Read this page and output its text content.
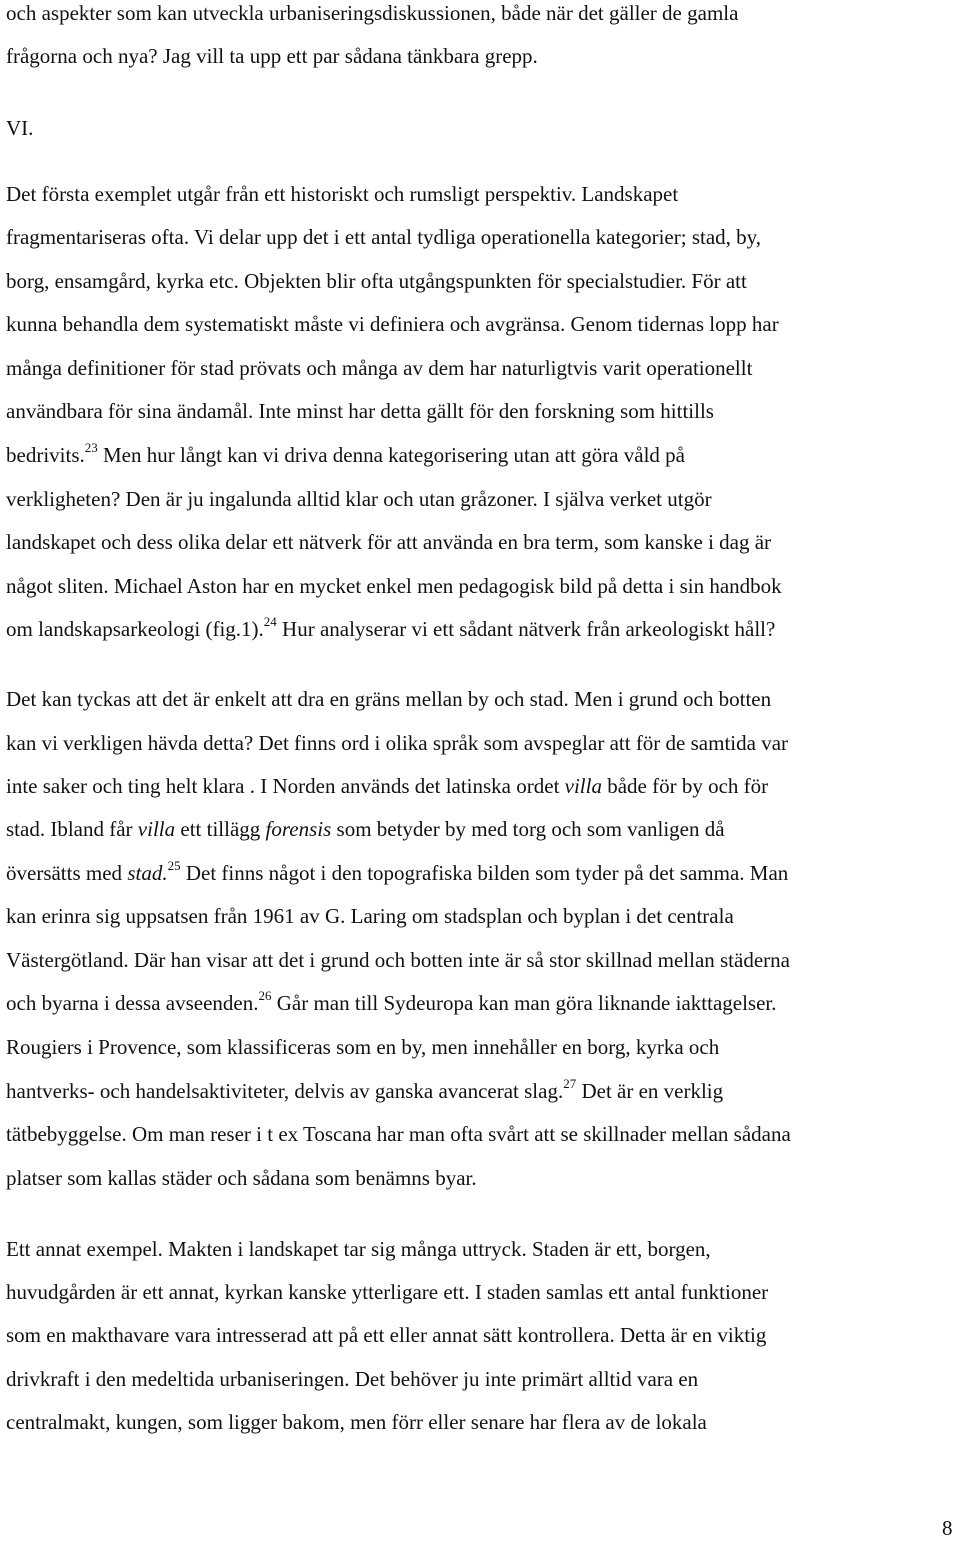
och aspekter som kan utveckla urbaniseringsdiskussionen, både när det gäller de gamla
frågorna och nya? Jag vill ta upp ett par sådana tänkbara grepp.
VI.
Det första exemplet utgår från ett historiskt och rumsligt perspektiv. Landskapet
fragmentariseras ofta. Vi delar upp det i ett antal tydliga operationella kategorier; stad, by,
borg, ensamgård, kyrka etc. Objekten blir ofta utgångspunkten för specialstudier. För att
kunna behandla dem systematiskt måste vi definiera och avgränsa. Genom tidernas lopp har
många definitioner för stad prövats och många av dem har naturligtvis varit operationellt
användbara för sina ändamål. Inte minst har detta gällt för den forskning som hittills
bedrivits.$^{23}$ Men hur långt kan vi driva denna kategorisering utan att göra våld på
verkligheten? Den är ju ingalunda alltid klar och utan gråzoner. I själva verket utgör
landskapet och dess olika delar ett nätverk för att använda en bra term, som kanske i dag är
något sliten. Michael Aston har en mycket enkel men pedagogisk bild på detta i sin handbok
om landskapsarkeologi (fig.1).$^{24}$ Hur analyserar vi ett sådant nätverk från arkeologiskt håll?
Det kan tyckas att det är enkelt att dra en gräns mellan by och stad. Men i grund och botten
kan vi verkligen hävda detta? Det finns ord i olika språk som avspeglar att för de samtida var
inte saker och ting helt klara . I Norden används det latinska ordet villa både för by och för
stad. Ibland får villa ett tillägg forensis som betyder by med torg och som vanligen då
översätts med stad.$^{25}$ Det finns något i den topografiska bilden som tyder på det samma. Man
kan erinra sig uppsatsen från 1961 av G. Laring om stadsplan och byplan i det centrala
Västergötland. Där han visar att det i grund och botten inte är så stor skillnad mellan städerna
och byarna i dessa avseenden.$^{26}$ Går man till Sydeuropa kan man göra liknande iakttagelser.
Rougiers i Provence, som klassificeras som en by, men innehåller en borg, kyrka och
hantverks- och handelsaktiviteter, delvis av ganska avancerat slag.$^{27}$ Det är en verklig
tätbebyggelse. Om man reser i t ex Toscana har man ofta svårt att se skillnader mellan sådana
platser som kallas städer och sådana som benämns byar.
Ett annat exempel. Makten i landskapet tar sig många uttryck. Staden är ett, borgen,
huvudgården är ett annat, kyrkan kanske ytterligare ett. I staden samlas ett antal funktioner
som en makthavare vara intresserad att på ett eller annat sätt kontrollera. Detta är en viktig
drivkraft i den medeltida urbaniseringen. Det behöver ju inte primärt alltid vara en
centralmakt, kungen, som ligger bakom, men förr eller senare har flera av de lokala
8
